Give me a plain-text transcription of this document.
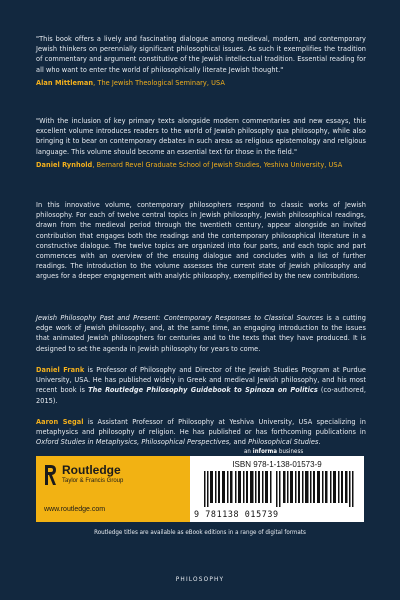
"This book offers a lively and fascinating dialogue among medieval, modern, and contemporary Jewish thinkers on perennially significant philosophical issues. As such it exemplifies the tradition of commentary and argument constitutive of the Jewish intellectual tradition. Essential reading for all who want to enter the world of philosophically literate Jewish thought."

Alan Mittleman, The Jewish Theological Seminary, USA

"With the inclusion of key primary texts alongside modern commentaries and new essays, this excellent volume introduces readers to the world of Jewish philosophy qua philosophy, while also bringing it to bear on contemporary debates in such areas as religious epistemology and religious language. This volume should become an essential text for those in the field."

Daniel Rynhold, Bernard Revel Graduate School of Jewish Studies, Yeshiva University, USA

In this innovative volume, contemporary philosophers respond to classic works of Jewish philosophy. For each of twelve central topics in Jewish philosophy, Jewish philosophical readings, drawn from the medieval period through the twentieth century, appear alongside an invited contribution that engages both the readings and the contemporary philosophical literature in a constructive dialogue. The twelve topics are organized into four parts, and each topic and part commences with an overview of the ensuing dialogue and concludes with a list of further readings. The introduction to the volume assesses the current state of Jewish philosophy and argues for a deeper engagement with analytic philosophy, exemplified by the new contributions.

Jewish Philosophy Past and Present: Contemporary Responses to Classical Sources is a cutting edge work of Jewish philosophy, and, at the same time, an engaging introduction to the issues that animated Jewish philosophers for centuries and to the texts that they have produced. It is designed to set the agenda in Jewish philosophy for years to come.

Daniel Frank is Professor of Philosophy and Director of the Jewish Studies Program at Purdue University, USA. He has published widely in Greek and medieval Jewish philosophy, and his most recent book is The Routledge Philosophy Guidebook to Spinoza on Politics (co-authored, 2015).

Aaron Segal is Assistant Professor of Philosophy at Yeshiva University, USA specializing in metaphysics and philosophy of religion. He has published or has forthcoming publications in Oxford Studies in Metaphysics, Philosophical Perspectives, and Philosophical Studies.

an informa business
Routledge
Taylor & Francis Group
www.routledge.com
ISBN 978-1-138-01573-9
9 781138 015739
Routledge titles are available as eBook editions in a range of digital formats
PHILOSOPHY
